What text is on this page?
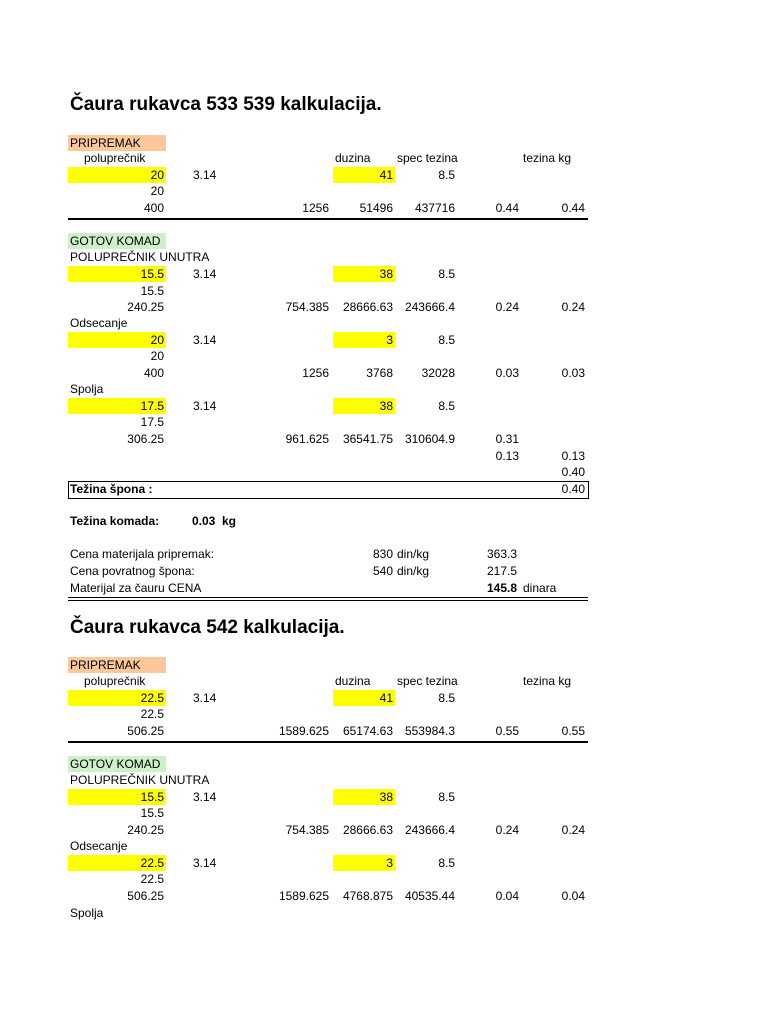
Čaura rukavca 533 539 kalkulacija.
PRIPREMAK
poluprečnik	duzina spec tezina	tezina kg
20 3.14	41	8.5
20
400	1256	51496	437716	0.44	0.44
GOTOV KOMAD
POLUPREČNIK UNUTRA
15.5 3.14	38	8.5
15.5
240.25	754.385	28666.63 243666.4	0.24	0.24
Odsecanje
20 3.14	3	8.5
20
400	1256	3768	32028	0.03	0.03
Spolja
17.5 3.14	38	8.5
17.5
306.25	961.625	36541.75 310604.9	0.31
0.13	0.13
0.40
Težina špona :	0.40
Težina komada:	0.03 kg
Cena materijala pripremak:	830 din/kg	363.3
Cena povratnog špona:	540 din/kg	217.5
Materijal za čauru CENA	145.8 dinara
Čaura rukavca 542 kalkulacija.
PRIPREMAK
poluprečnik	duzina spec tezina	tezina kg
22.5 3.14	41	8.5
22.5
506.25	1589.625	65174.63 553984.3	0.55	0.55
GOTOV KOMAD
POLUPREČNIK UNUTRA
15.5 3.14	38	8.5
15.5
240.25	754.385	28666.63 243666.4	0.24	0.24
Odsecanje
22.5 3.14	3	8.5
22.5
506.25	1589.625	4768.875 40535.44	0.04	0.04
Spolja
